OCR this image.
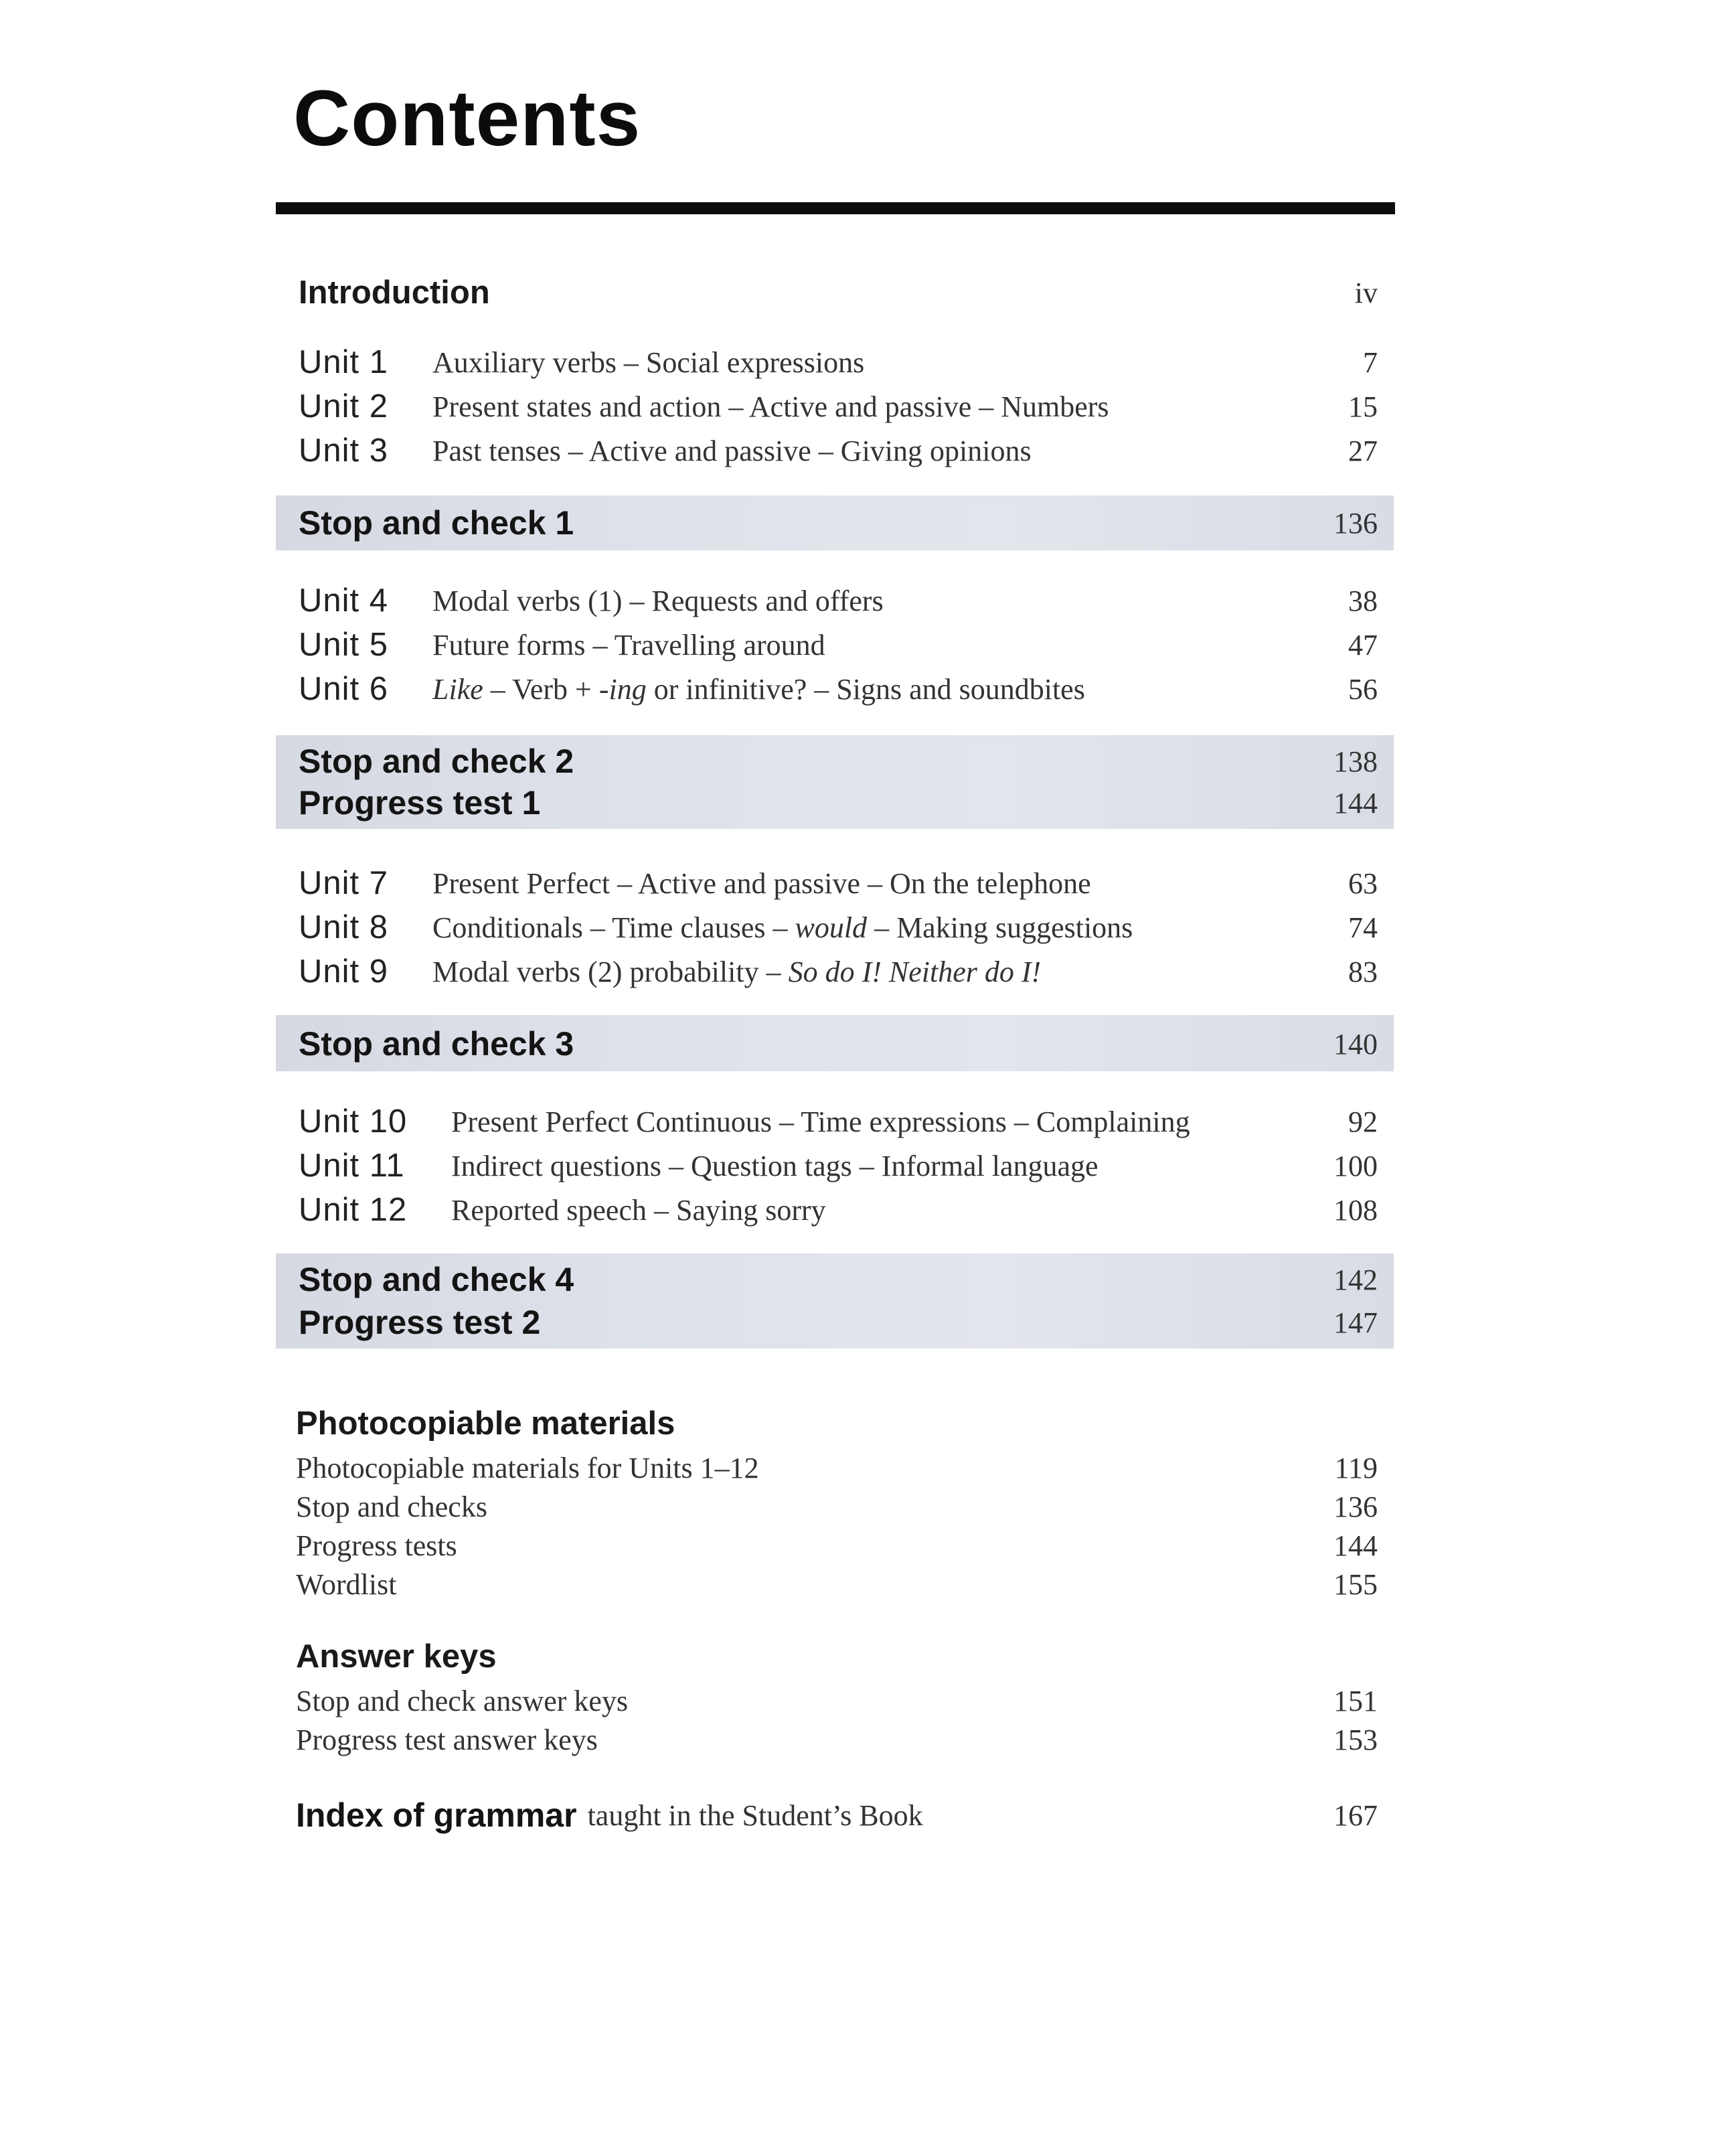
Contents
Introduction	iv
Unit 1	Auxiliary verbs – Social expressions	7
Unit 2	Present states and action – Active and passive – Numbers	15
Unit 3	Past tenses – Active and passive – Giving opinions	27
Stop and check 1	136
Unit 4	Modal verbs (1) – Requests and offers	38
Unit 5	Future forms – Travelling around	47
Unit 6	Like – Verb + -ing or infinitive? – Signs and soundbites	56
Stop and check 2	138
Progress test 1	144
Unit 7	Present Perfect – Active and passive – On the telephone	63
Unit 8	Conditionals – Time clauses – would – Making suggestions	74
Unit 9	Modal verbs (2) probability – So do I! Neither do I!	83
Stop and check 3	140
Unit 10	Present Perfect Continuous – Time expressions – Complaining	92
Unit 11	Indirect questions – Question tags – Informal language	100
Unit 12	Reported speech – Saying sorry	108
Stop and check 4	142
Progress test 2	147
Photocopiable materials
Photocopiable materials for Units 1–12	119
Stop and checks	136
Progress tests	144
Wordlist	155
Answer keys
Stop and check answer keys	151
Progress test answer keys	153
Index of grammar taught in the Student’s Book	167
